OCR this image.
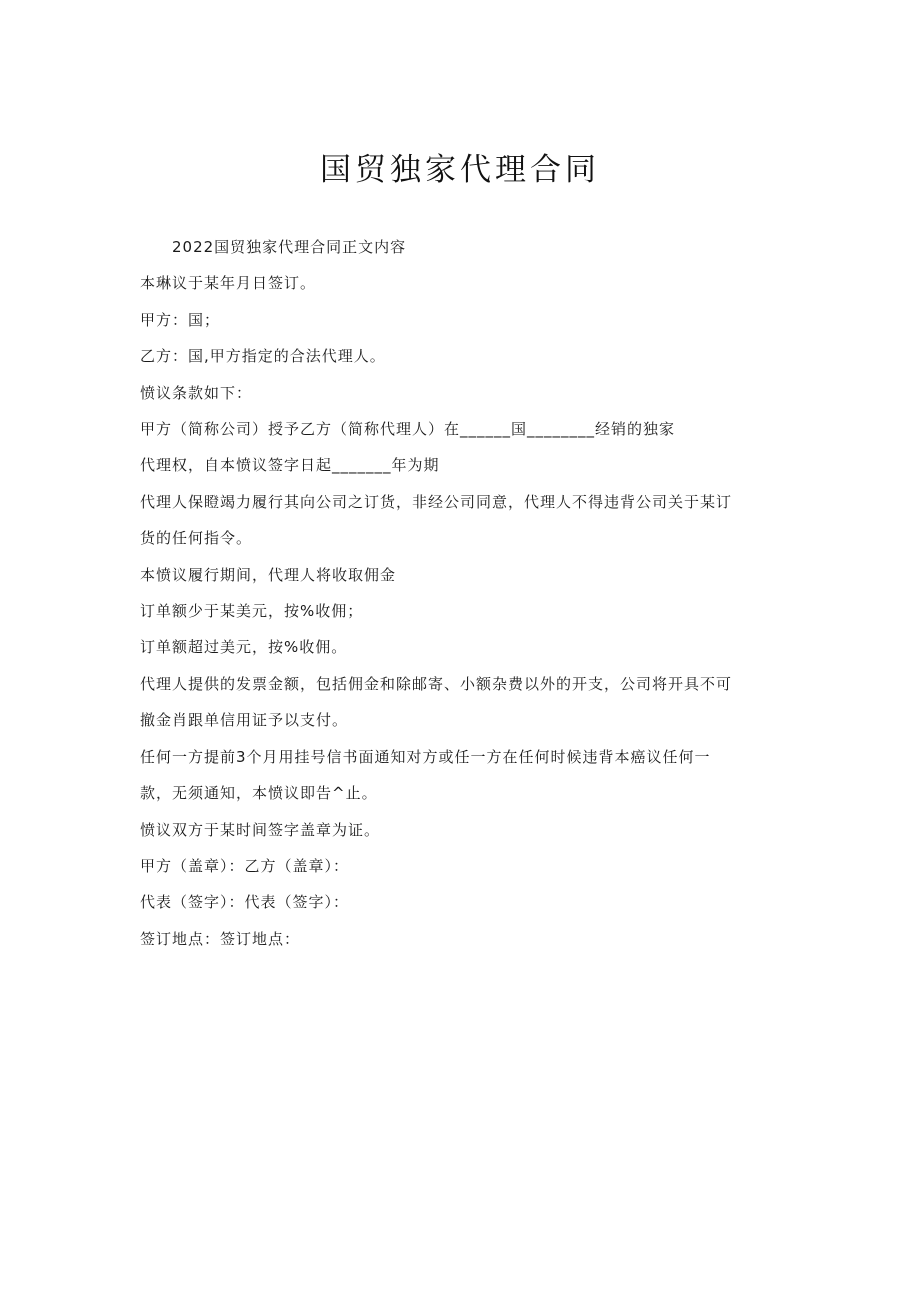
国贸独家代理合同

2022国贸独家代理合同正文内容

本琳议于某年月日签订。

甲方：国；

乙方：国,甲方指定的合法代理人。

愤议条款如下：

甲方（简称公司）授予乙方（简称代理人）在______国________经销的独家

代理权，自本愤议签字日起_______年为期

代理人保瞪竭力履行其向公司之订货，非经公司同意，代理人不得违背公司关于某订

货的任何指令。

本愤议履行期间，代理人将收取佣金

订单额少于某美元，按%收佣；

订单额超过美元，按%收佣。

代理人提供的发票金额，包括佣金和除邮寄、小额杂费以外的开支，公司将开具不可

撤金肖跟单信用证予以支付。

任何一方提前3个月用挂号信书面通知对方或任一方在任何时候违背本癌议任何一

款，无须通知，本愤议即告^止。

愤议双方于某时间签字盖章为证。

甲方（盖章）：乙方（盖章）：

代表（签字）：代表（签字）：

签订地点：签订地点：
